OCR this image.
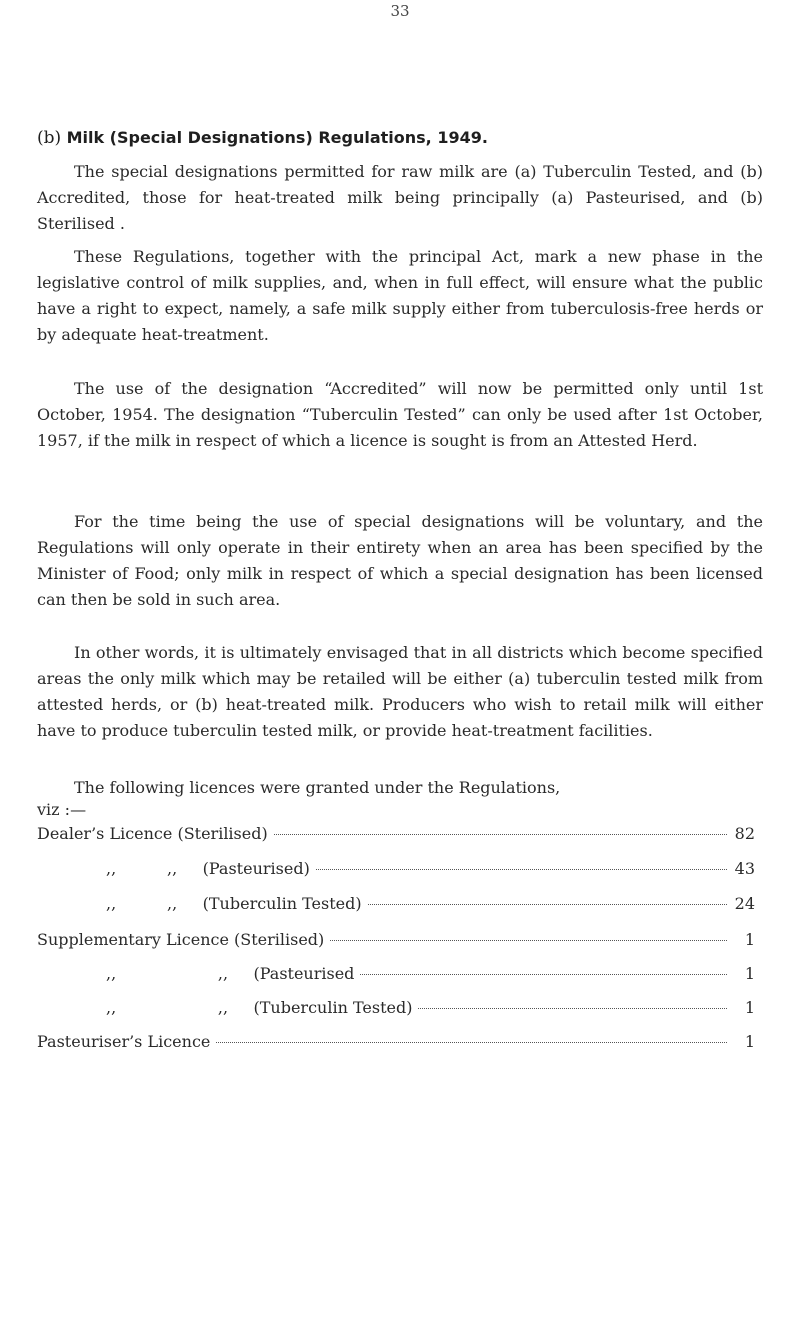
33
(b) Milk (Special Designations) Regulations, 1949.

The special designations permitted for raw milk are (a) Tuberculin Tested, and (b) Accredited, those for heat-treated milk being principally (a) Pasteurised, and (b) Sterilised .

These Regulations, together with the principal Act, mark a new phase in the legislative control of milk supplies, and, when in full effect, will ensure what the public have a right to expect, namely, a safe milk supply either from tuberculosis-free herds or by adequate heat-treatment.

The use of the designation “Accredited” will now be permitted only until 1st October, 1954. The designation “Tuberculin Tested” can only be used after 1st October, 1957, if the milk in respect of which a licence is sought is from an Attested Herd.

For the time being the use of special designations will be voluntary, and the Regulations will only operate in their entirety when an area has been specified by the Minister of Food; only milk in respect of which a special designation has been licensed can then be sold in such area.

In other words, it is ultimately envisaged that in all districts which become specified areas the only milk which may be retailed will be either (a) tuberculin tested milk from attested herds, or (b) heat-treated milk. Producers who wish to retail milk will either have to produce tuberculin tested milk, or provide heat-treatment facilities.

The following licences were granted under the Regulations,

viz :—
Dealer’s Licence (Sterilised)	82
,,          ,,     (Pasteurised)	43
,,          ,,     (Tuberculin Tested)	24
Supplementary Licence (Sterilised)	1
,,                    ,,     (Pasteurised	1
,,                    ,,     (Tuberculin Tested)	1
Pasteuriser’s Licence	1
